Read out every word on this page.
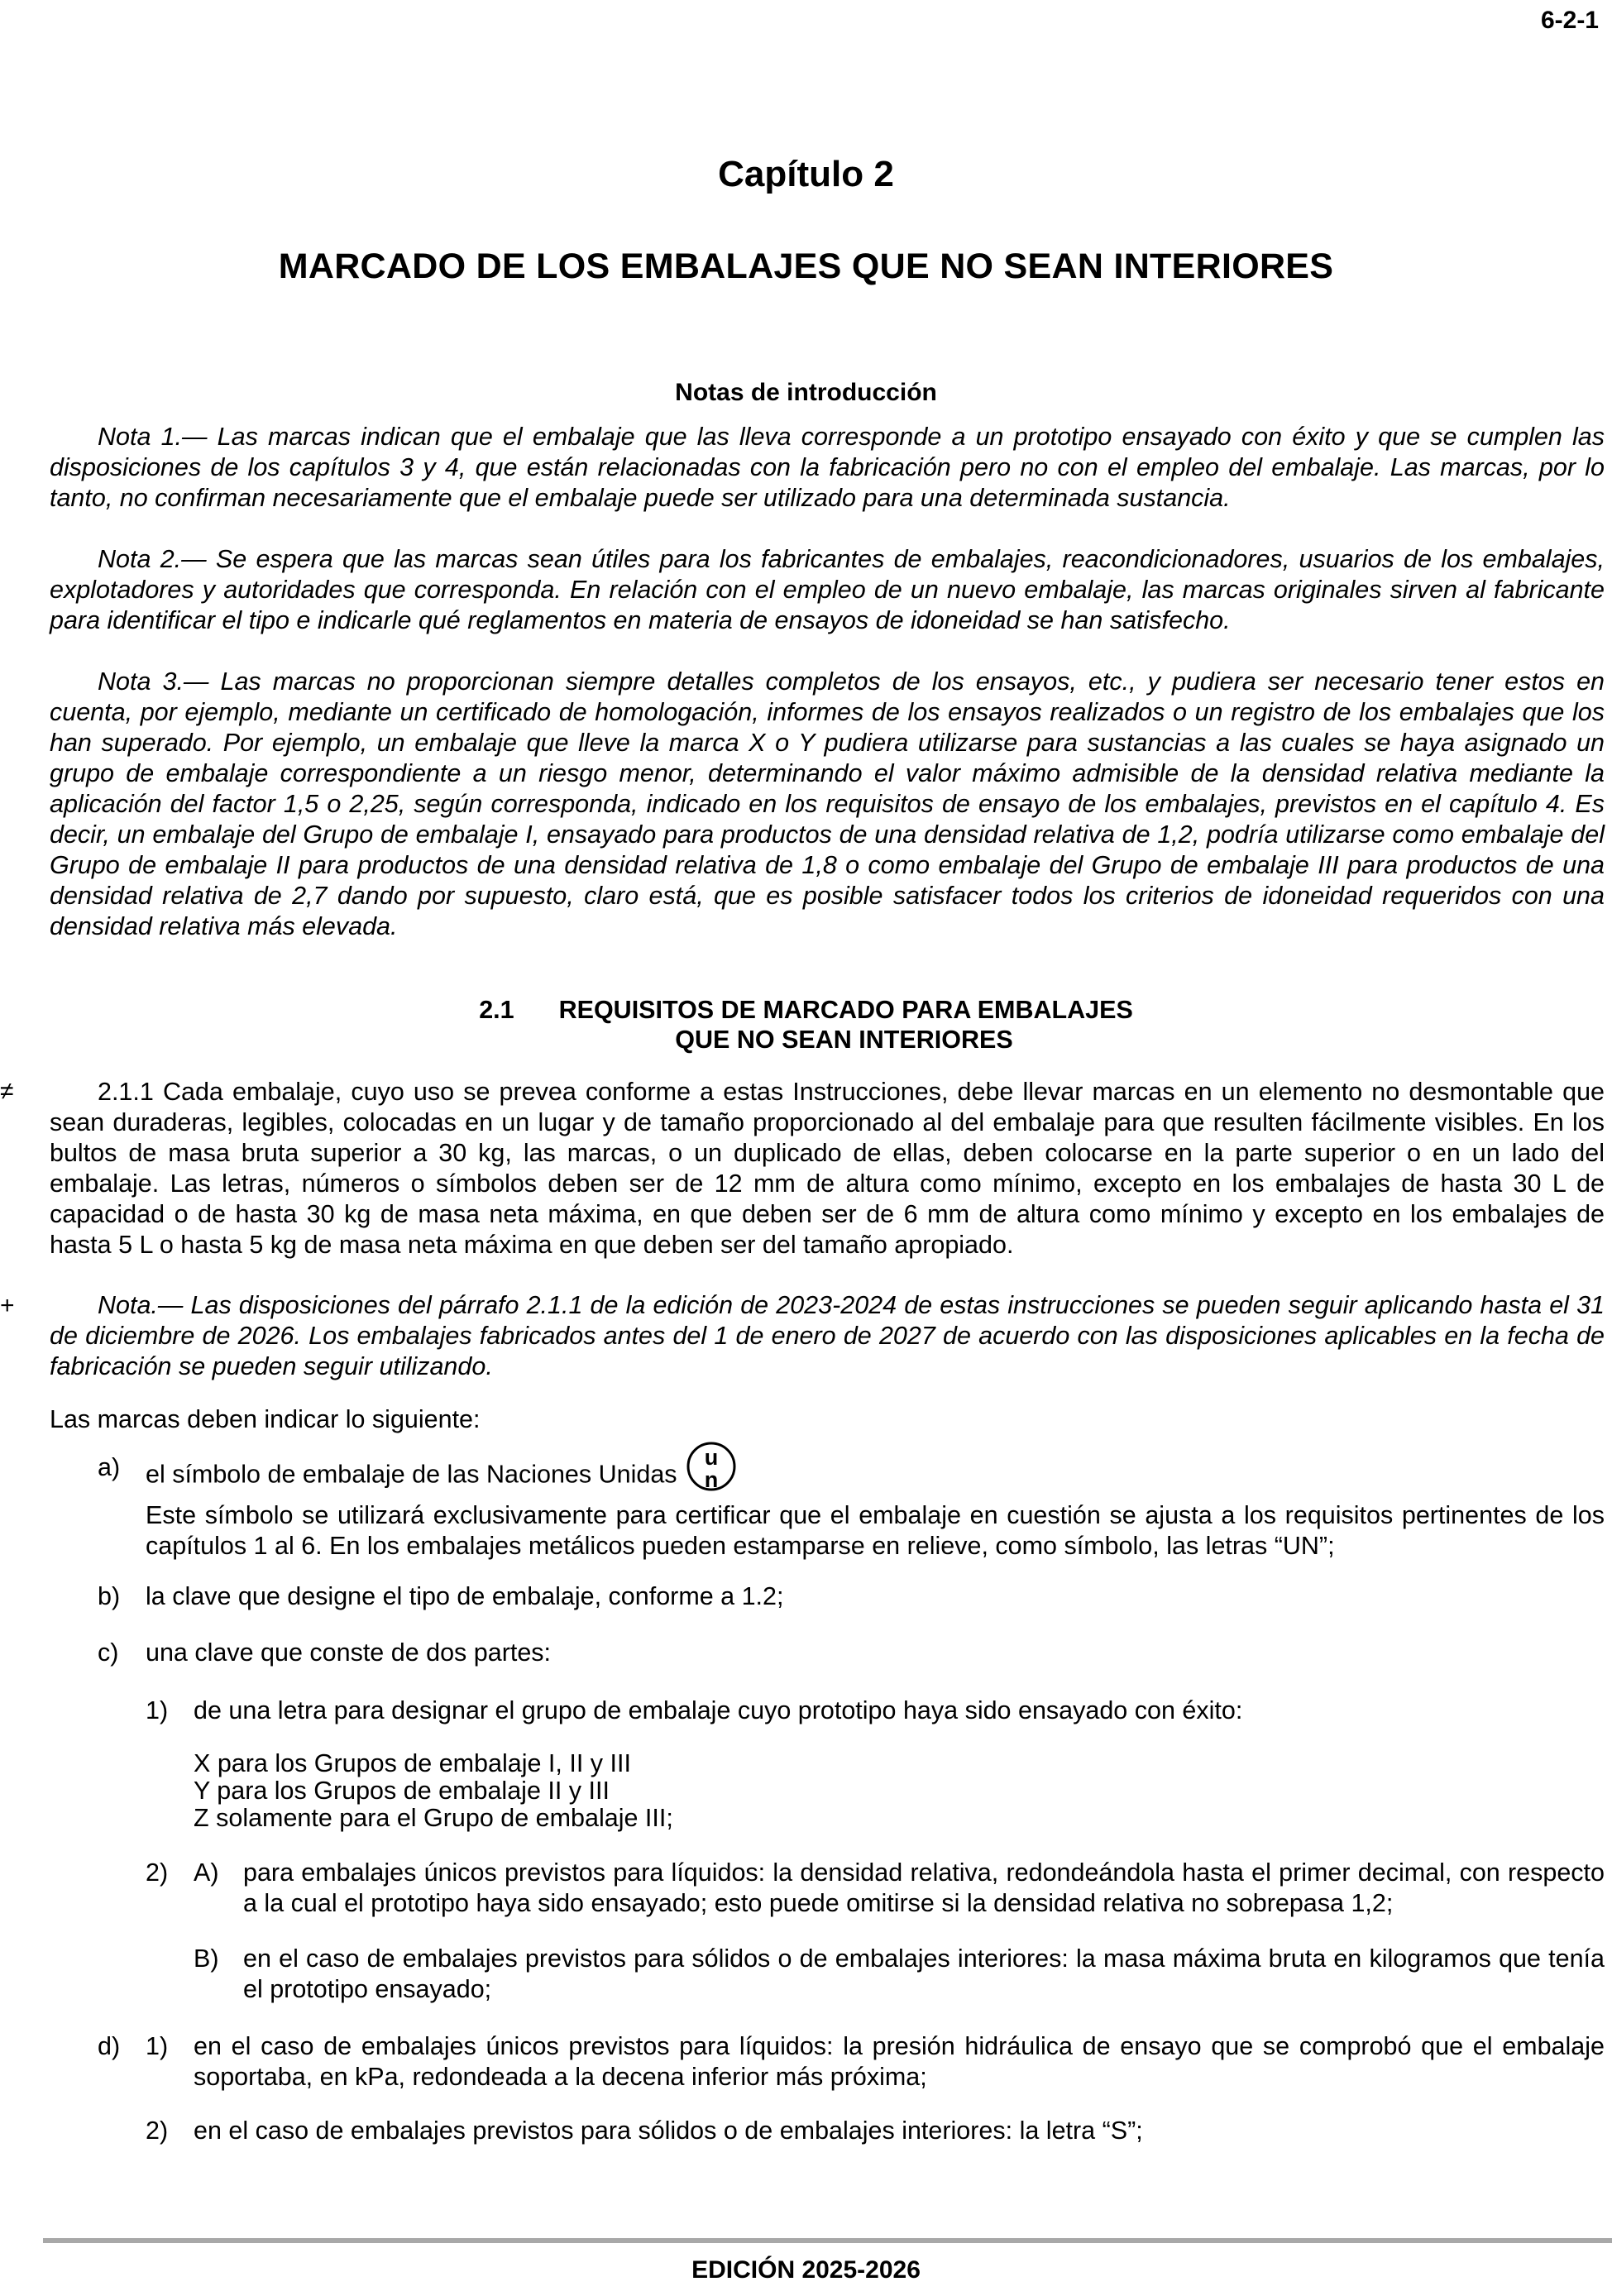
6-2-1
Capítulo 2
MARCADO DE LOS EMBALAJES QUE NO SEAN INTERIORES
Notas de introducción
Nota 1.— Las marcas indican que el embalaje que las lleva corresponde a un prototipo ensayado con éxito y que se cumplen las disposiciones de los capítulos 3 y 4, que están relacionadas con la fabricación pero no con el empleo del embalaje. Las marcas, por lo tanto, no confirman necesariamente que el embalaje puede ser utilizado para una determinada sustancia.
Nota 2.— Se espera que las marcas sean útiles para los fabricantes de embalajes, reacondicionadores, usuarios de los embalajes, explotadores y autoridades que corresponda. En relación con el empleo de un nuevo embalaje, las marcas originales sirven al fabricante para identificar el tipo e indicarle qué reglamentos en materia de ensayos de idoneidad se han satisfecho.
Nota 3.— Las marcas no proporcionan siempre detalles completos de los ensayos, etc., y pudiera ser necesario tener estos en cuenta, por ejemplo, mediante un certificado de homologación, informes de los ensayos realizados o un registro de los embalajes que los han superado. Por ejemplo, un embalaje que lleve la marca X o Y pudiera utilizarse para sustancias a las cuales se haya asignado un grupo de embalaje correspondiente a un riesgo menor, determinando el valor máximo admisible de la densidad relativa mediante la aplicación del factor 1,5 o 2,25, según corresponda, indicado en los requisitos de ensayo de los embalajes, previstos en el capítulo 4. Es decir, un embalaje del Grupo de embalaje I, ensayado para productos de una densidad relativa de 1,2, podría utilizarse como embalaje del Grupo de embalaje II para productos de una densidad relativa de 1,8 o como embalaje del Grupo de embalaje III para productos de una densidad relativa de 2,7 dando por supuesto, claro está, que es posible satisfacer todos los criterios de idoneidad requeridos con una densidad relativa más elevada.
2.1 REQUISITOS DE MARCADO PARA EMBALAJES
QUE NO SEAN INTERIORES
≠	2.1.1 Cada embalaje, cuyo uso se prevea conforme a estas Instrucciones, debe llevar marcas en un elemento no desmontable que sean duraderas, legibles, colocadas en un lugar y de tamaño proporcionado al del embalaje para que resulten fácilmente visibles. En los bultos de masa bruta superior a 30 kg, las marcas, o un duplicado de ellas, deben colocarse en la parte superior o en un lado del embalaje. Las letras, números o símbolos deben ser de 12 mm de altura como mínimo, excepto en los embalajes de hasta 30 L de capacidad o de hasta 30 kg de masa neta máxima, en que deben ser de 6 mm de altura como mínimo y excepto en los embalajes de hasta 5 L o hasta 5 kg de masa neta máxima en que deben ser del tamaño apropiado.
+	Nota.— Las disposiciones del párrafo 2.1.1 de la edición de 2023-2024 de estas instrucciones se pueden seguir aplicando hasta el 31 de diciembre de 2026. Los embalajes fabricados antes del 1 de enero de 2027 de acuerdo con las disposiciones aplicables en la fecha de fabricación se pueden seguir utilizando.
Las marcas deben indicar lo siguiente:
a) el símbolo de embalaje de las Naciones Unidas
u
n
Este símbolo se utilizará exclusivamente para certificar que el embalaje en cuestión se ajusta a los requisitos pertinentes de los capítulos 1 al 6. En los embalajes metálicos pueden estamparse en relieve, como símbolo, las letras “UN”;
b) la clave que designe el tipo de embalaje, conforme a 1.2;
c) una clave que conste de dos partes:
1) de una letra para designar el grupo de embalaje cuyo prototipo haya sido ensayado con éxito:
X para los Grupos de embalaje I, II y III
Y para los Grupos de embalaje II y III
Z solamente para el Grupo de embalaje III;
2) A) para embalajes únicos previstos para líquidos: la densidad relativa, redondeándola hasta el primer decimal, con respecto a la cual el prototipo haya sido ensayado; esto puede omitirse si la densidad relativa no sobrepasa 1,2;
B) en el caso de embalajes previstos para sólidos o de embalajes interiores: la masa máxima bruta en kilogramos que tenía el prototipo ensayado;
d) 1) en el caso de embalajes únicos previstos para líquidos: la presión hidráulica de ensayo que se comprobó que el embalaje soportaba, en kPa, redondeada a la decena inferior más próxima;
2) en el caso de embalajes previstos para sólidos o de embalajes interiores: la letra “S”;
EDICIÓN 2025-2026
